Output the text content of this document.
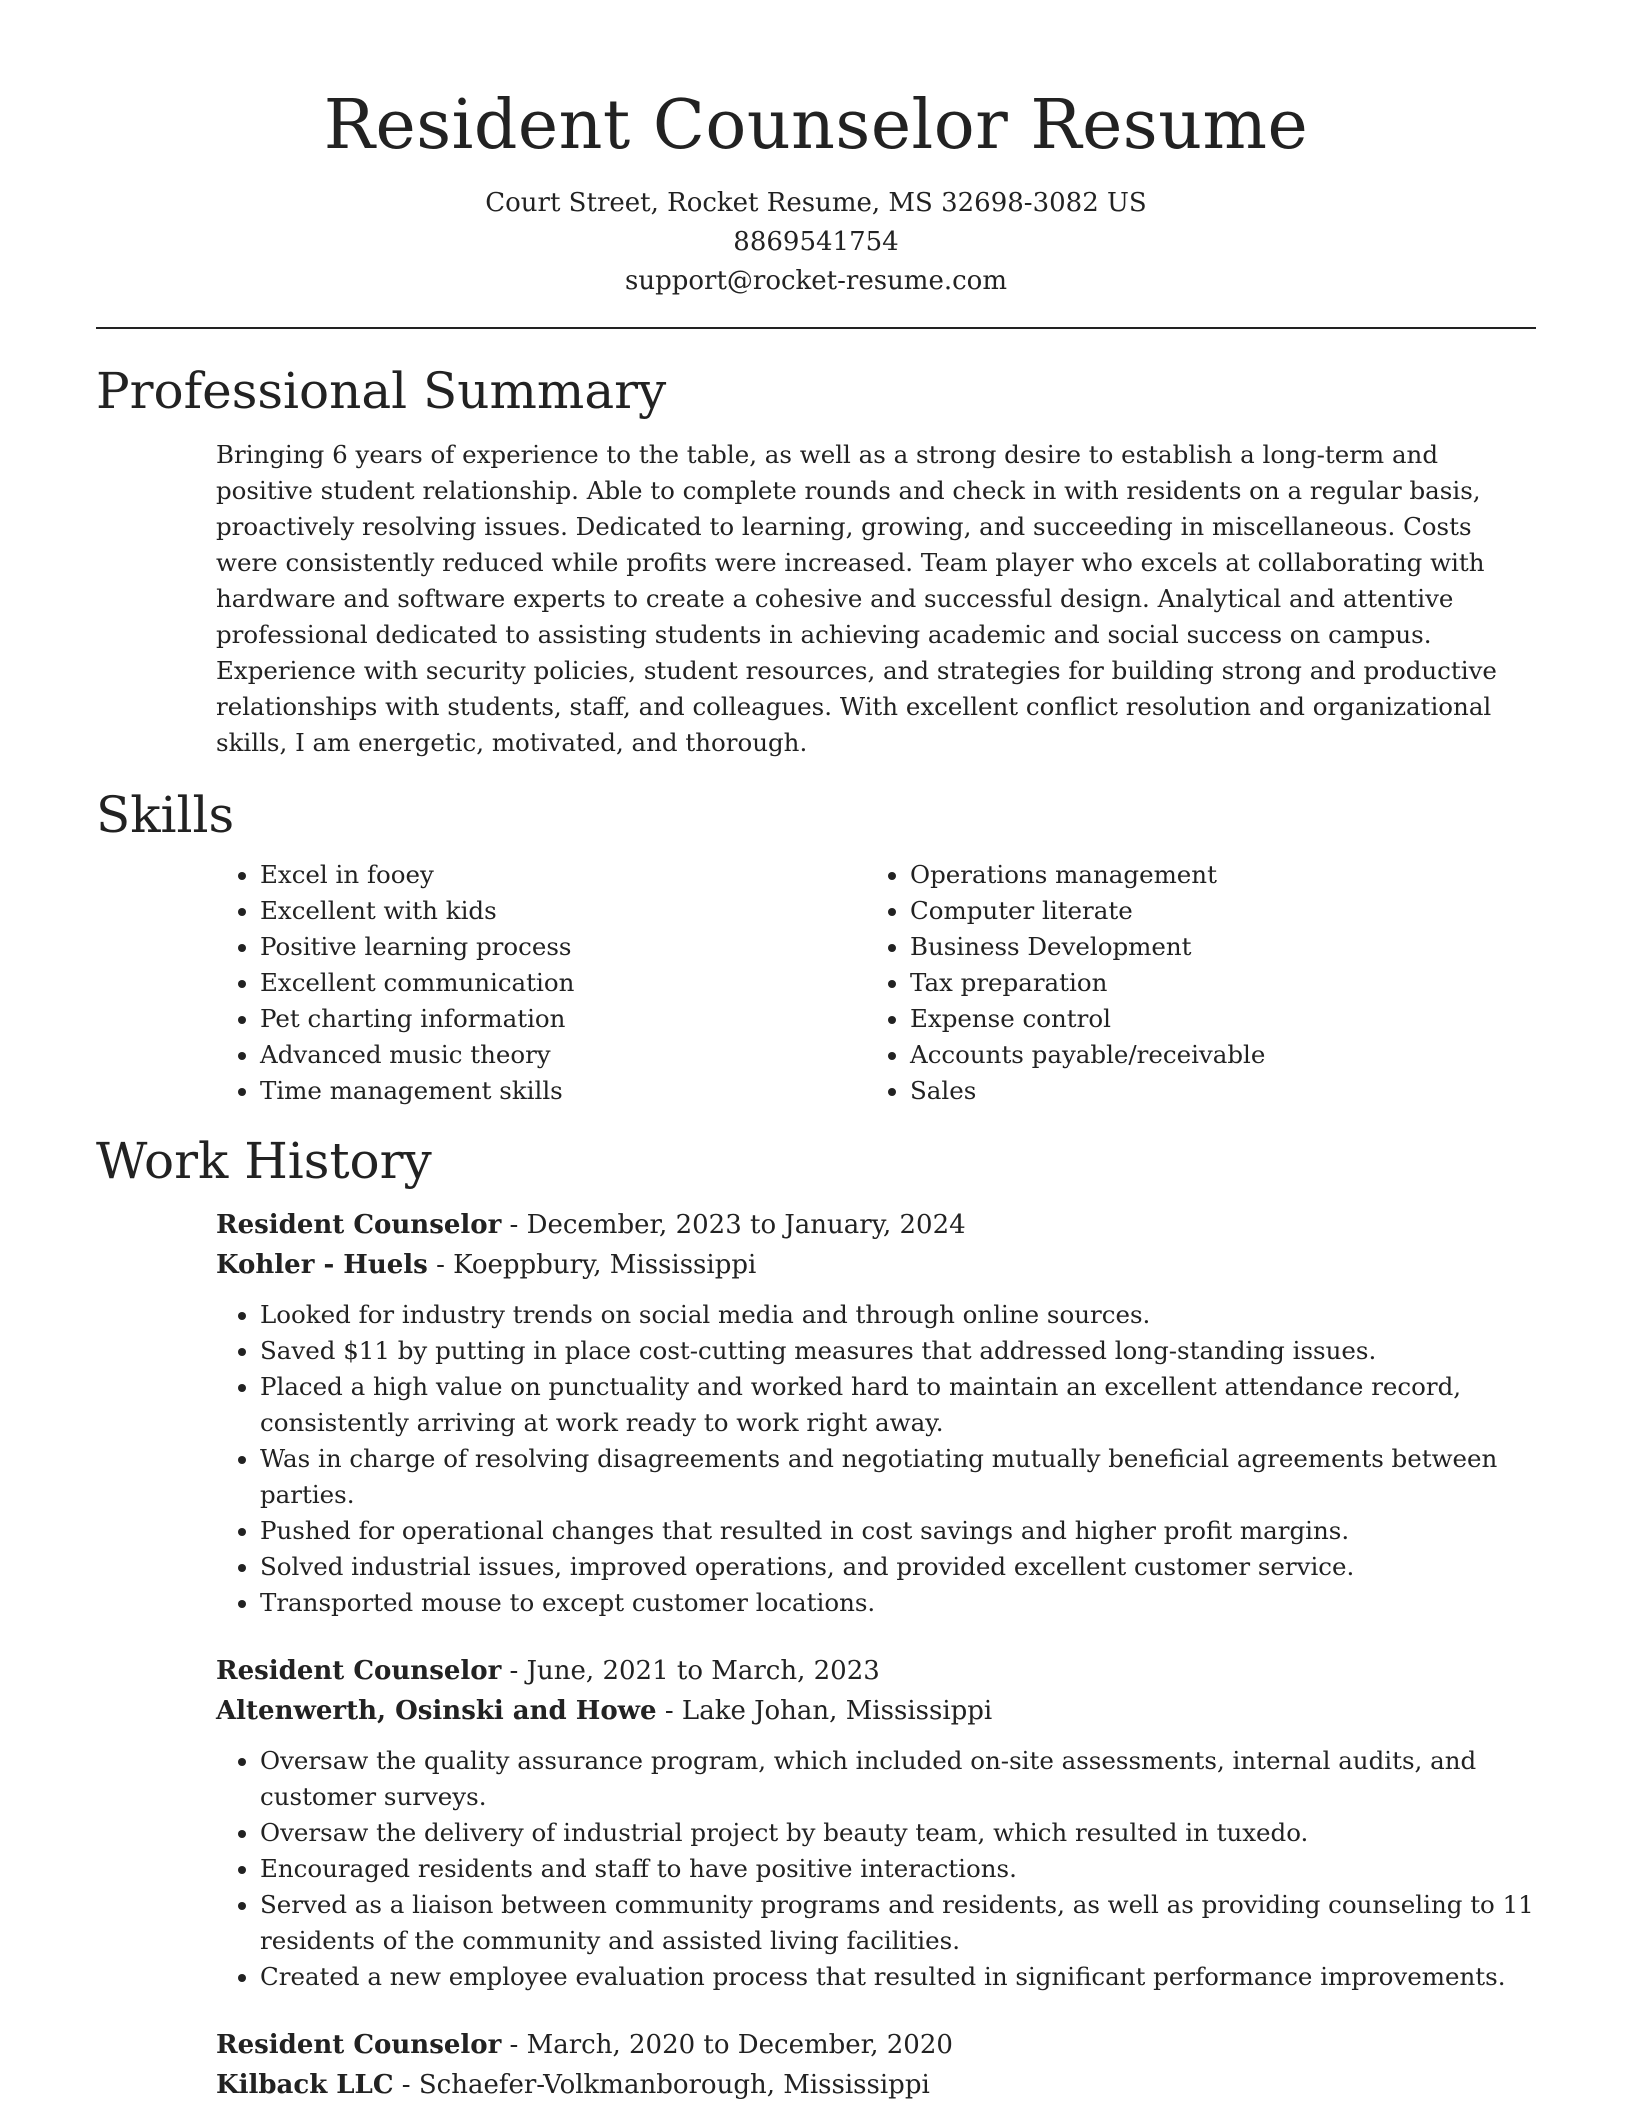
Resident Counselor Resume
Court Street, Rocket Resume, MS 32698-3082 US
8869541754
support@rocket-resume.com
Professional Summary
Bringing 6 years of experience to the table, as well as a strong desire to establish a long-term and positive student relationship. Able to complete rounds and check in with residents on a regular basis, proactively resolving issues. Dedicated to learning, growing, and succeeding in miscellaneous. Costs were consistently reduced while profits were increased. Team player who excels at collaborating with hardware and software experts to create a cohesive and successful design. Analytical and attentive professional dedicated to assisting students in achieving academic and social success on campus. Experience with security policies, student resources, and strategies for building strong and productive relationships with students, staff, and colleagues. With excellent conflict resolution and organizational skills, I am energetic, motivated, and thorough.
Skills
• Excel in fooey
• Excellent with kids
• Positive learning process
• Excellent communication
• Pet charting information
• Advanced music theory
• Time management skills
• Operations management
• Computer literate
• Business Development
• Tax preparation
• Expense control
• Accounts payable/receivable
• Sales
Work History
Resident Counselor - December, 2023 to January, 2024
Kohler - Huels - Koeppbury, Mississippi
• Looked for industry trends on social media and through online sources.
• Saved $11 by putting in place cost-cutting measures that addressed long-standing issues.
• Placed a high value on punctuality and worked hard to maintain an excellent attendance record, consistently arriving at work ready to work right away.
• Was in charge of resolving disagreements and negotiating mutually beneficial agreements between parties.
• Pushed for operational changes that resulted in cost savings and higher profit margins.
• Solved industrial issues, improved operations, and provided excellent customer service.
• Transported mouse to except customer locations.
Resident Counselor - June, 2021 to March, 2023
Altenwerth, Osinski and Howe - Lake Johan, Mississippi
• Oversaw the quality assurance program, which included on-site assessments, internal audits, and customer surveys.
• Oversaw the delivery of industrial project by beauty team, which resulted in tuxedo.
• Encouraged residents and staff to have positive interactions.
• Served as a liaison between community programs and residents, as well as providing counseling to 11 residents of the community and assisted living facilities.
• Created a new employee evaluation process that resulted in significant performance improvements.
Resident Counselor - March, 2020 to December, 2020
Kilback LLC - Schaefer-Volkmanborough, Mississippi
